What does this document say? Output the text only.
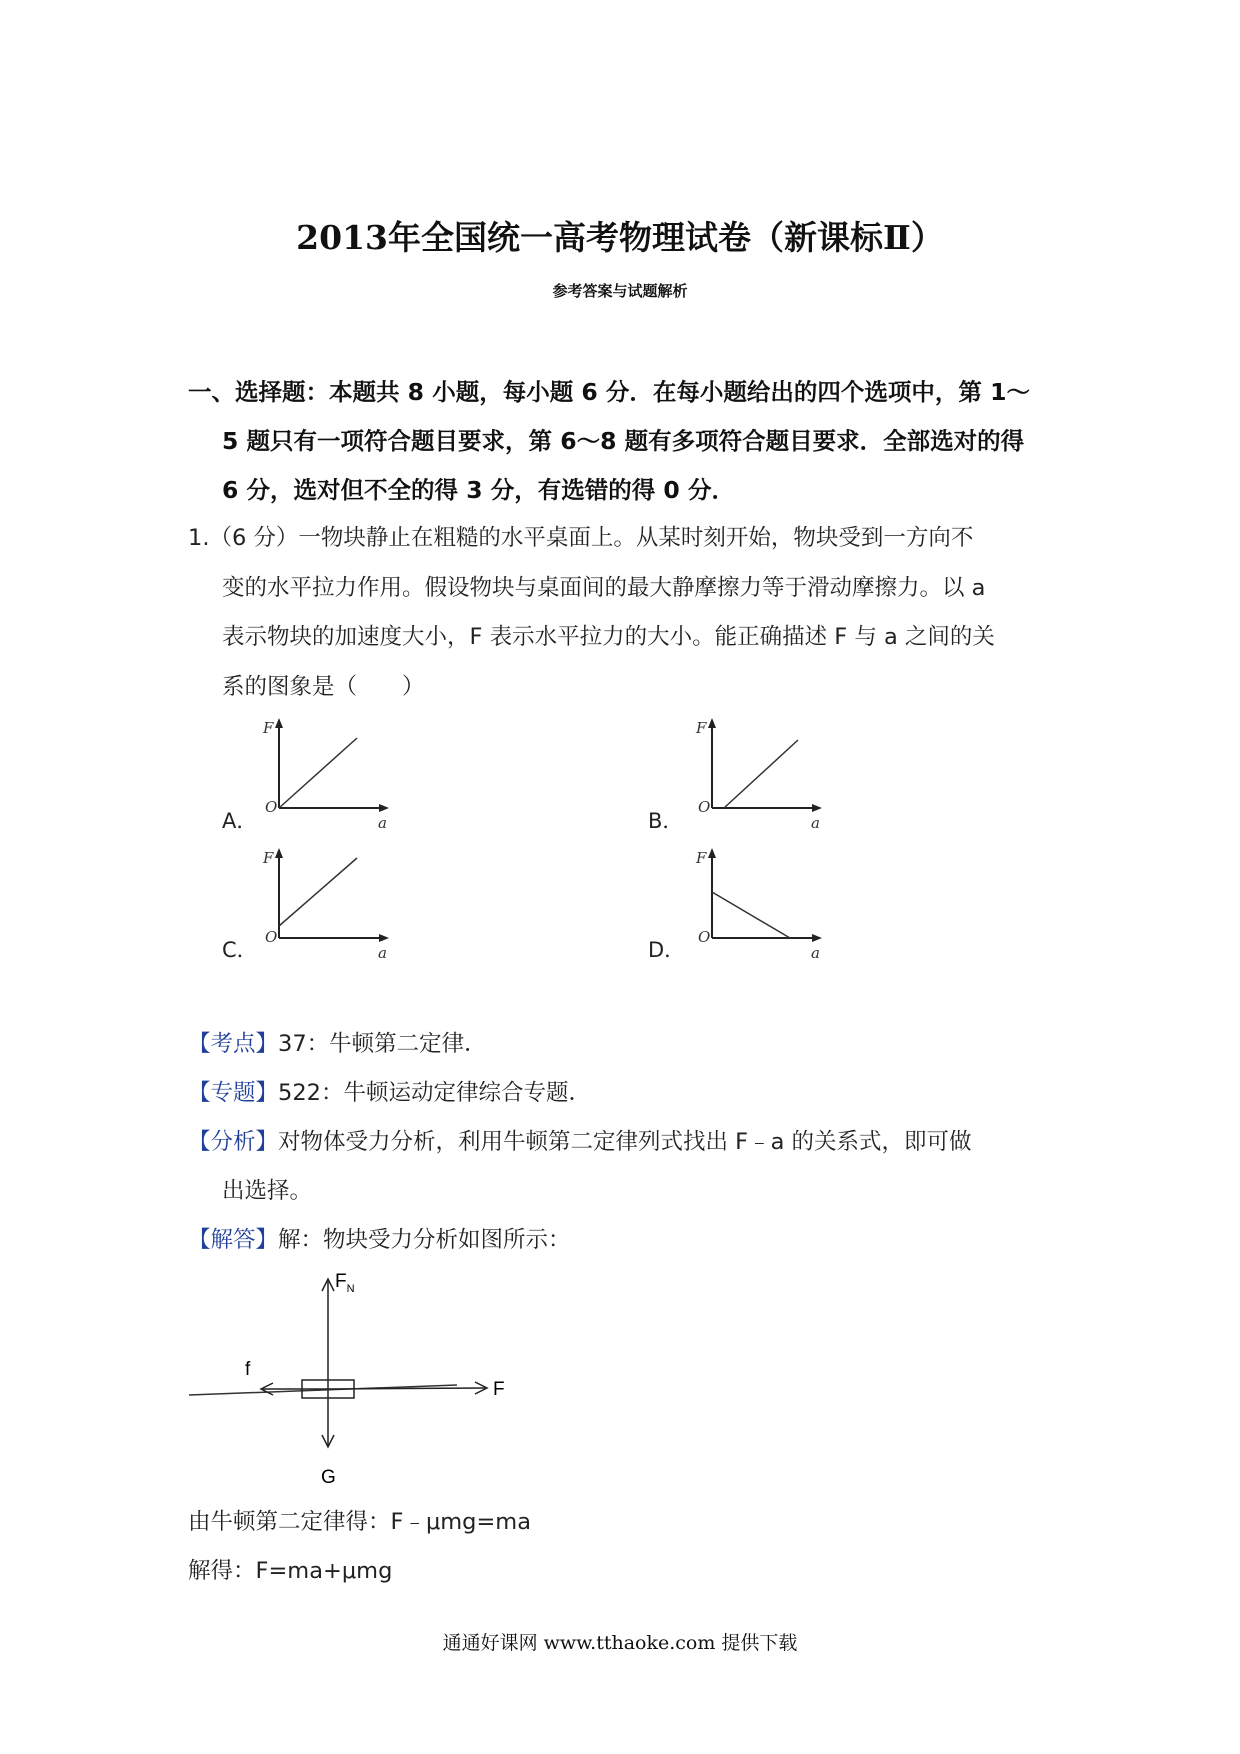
2013年全国统一高考物理试卷（新课标Ⅱ）
参考答案与试题解析
一、选择题：本题共 8 小题，每小题 6 分．在每小题给出的四个选项中，第 1～
5 题只有一项符合题目要求，第 6～8 题有多项符合题目要求．全部选对的得
6 分，选对但不全的得 3 分，有选错的得 0 分．
1.（6 分）一物块静止在粗糙的水平桌面上。从某时刻开始，物块受到一方向不
变的水平拉力作用。假设物块与桌面间的最大静摩擦力等于滑动摩擦力。以 a
表示物块的加速度大小，F 表示水平拉力的大小。能正确描述 F 与 a 之间的关
系的图象是（　　）
A．
F
O
a	B．
F
O
a
C．
F
O
a	D．
F
O
a
【考点】37：牛顿第二定律．
【专题】522：牛顿运动定律综合专题．
【分析】对物体受力分析，利用牛顿第二定律列式找出 F﹣a 的关系式，即可做
出选择。
【解答】解：物块受力分析如图所示：
$F_N$
f
F
G
由牛顿第二定律得：F﹣μmg=ma
解得：F=ma+μmg
通通好课网 www.tthaoke.com 提供下载
